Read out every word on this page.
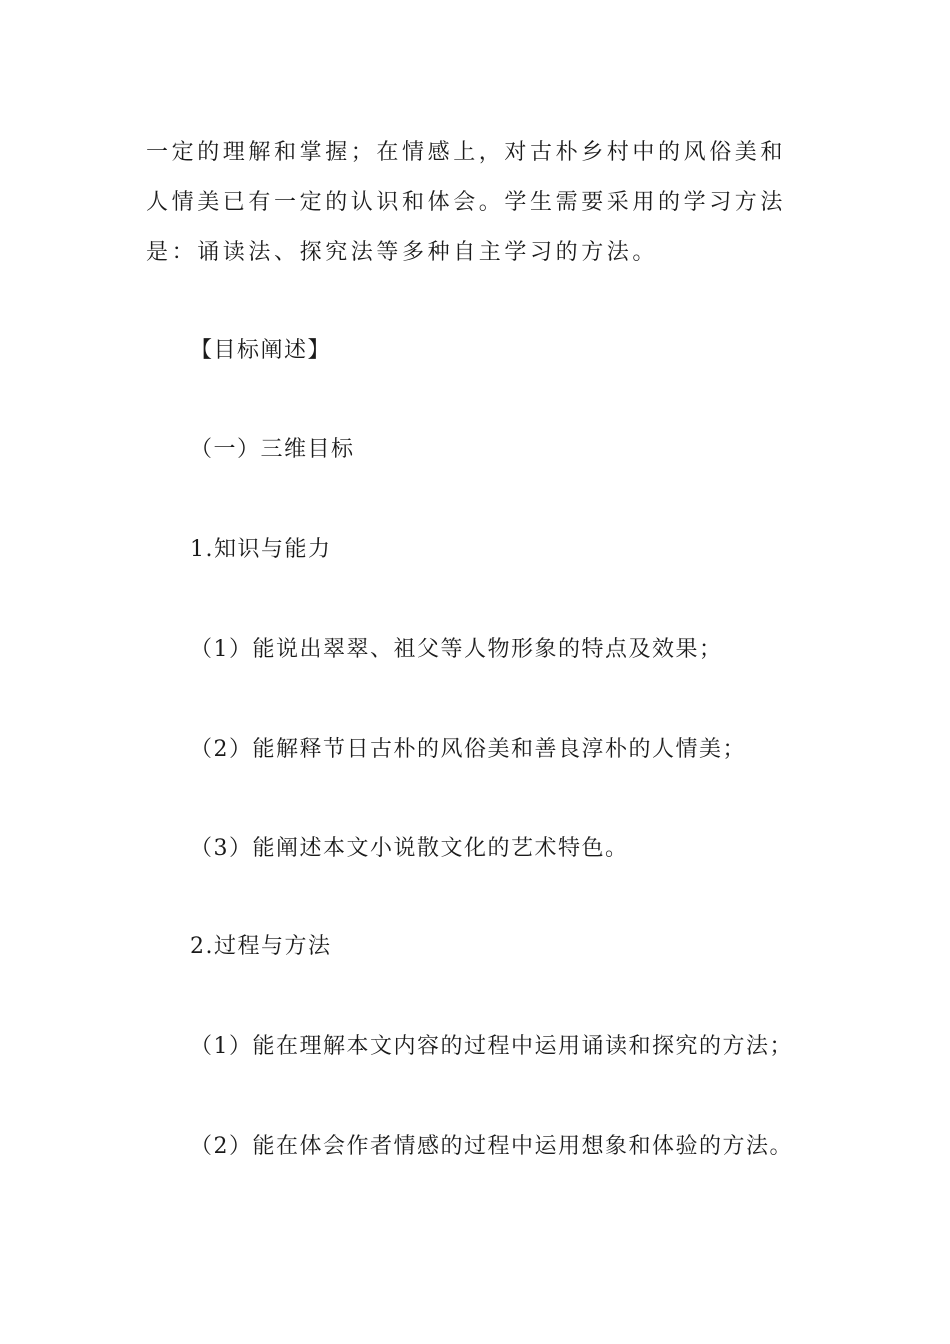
一定的理解和掌握；在情感上，对古朴乡村中的风俗美和人情美已有一定的认识和体会。学生需要采用的学习方法是：诵读法、探究法等多种自主学习的方法。

【目标阐述】

（一）三维目标

1.知识与能力

（1）能说出翠翠、祖父等人物形象的特点及效果；

（2）能解释节日古朴的风俗美和善良淳朴的人情美；

（3）能阐述本文小说散文化的艺术特色。

2.过程与方法

（1）能在理解本文内容的过程中运用诵读和探究的方法；

（2）能在体会作者情感的过程中运用想象和体验的方法。
